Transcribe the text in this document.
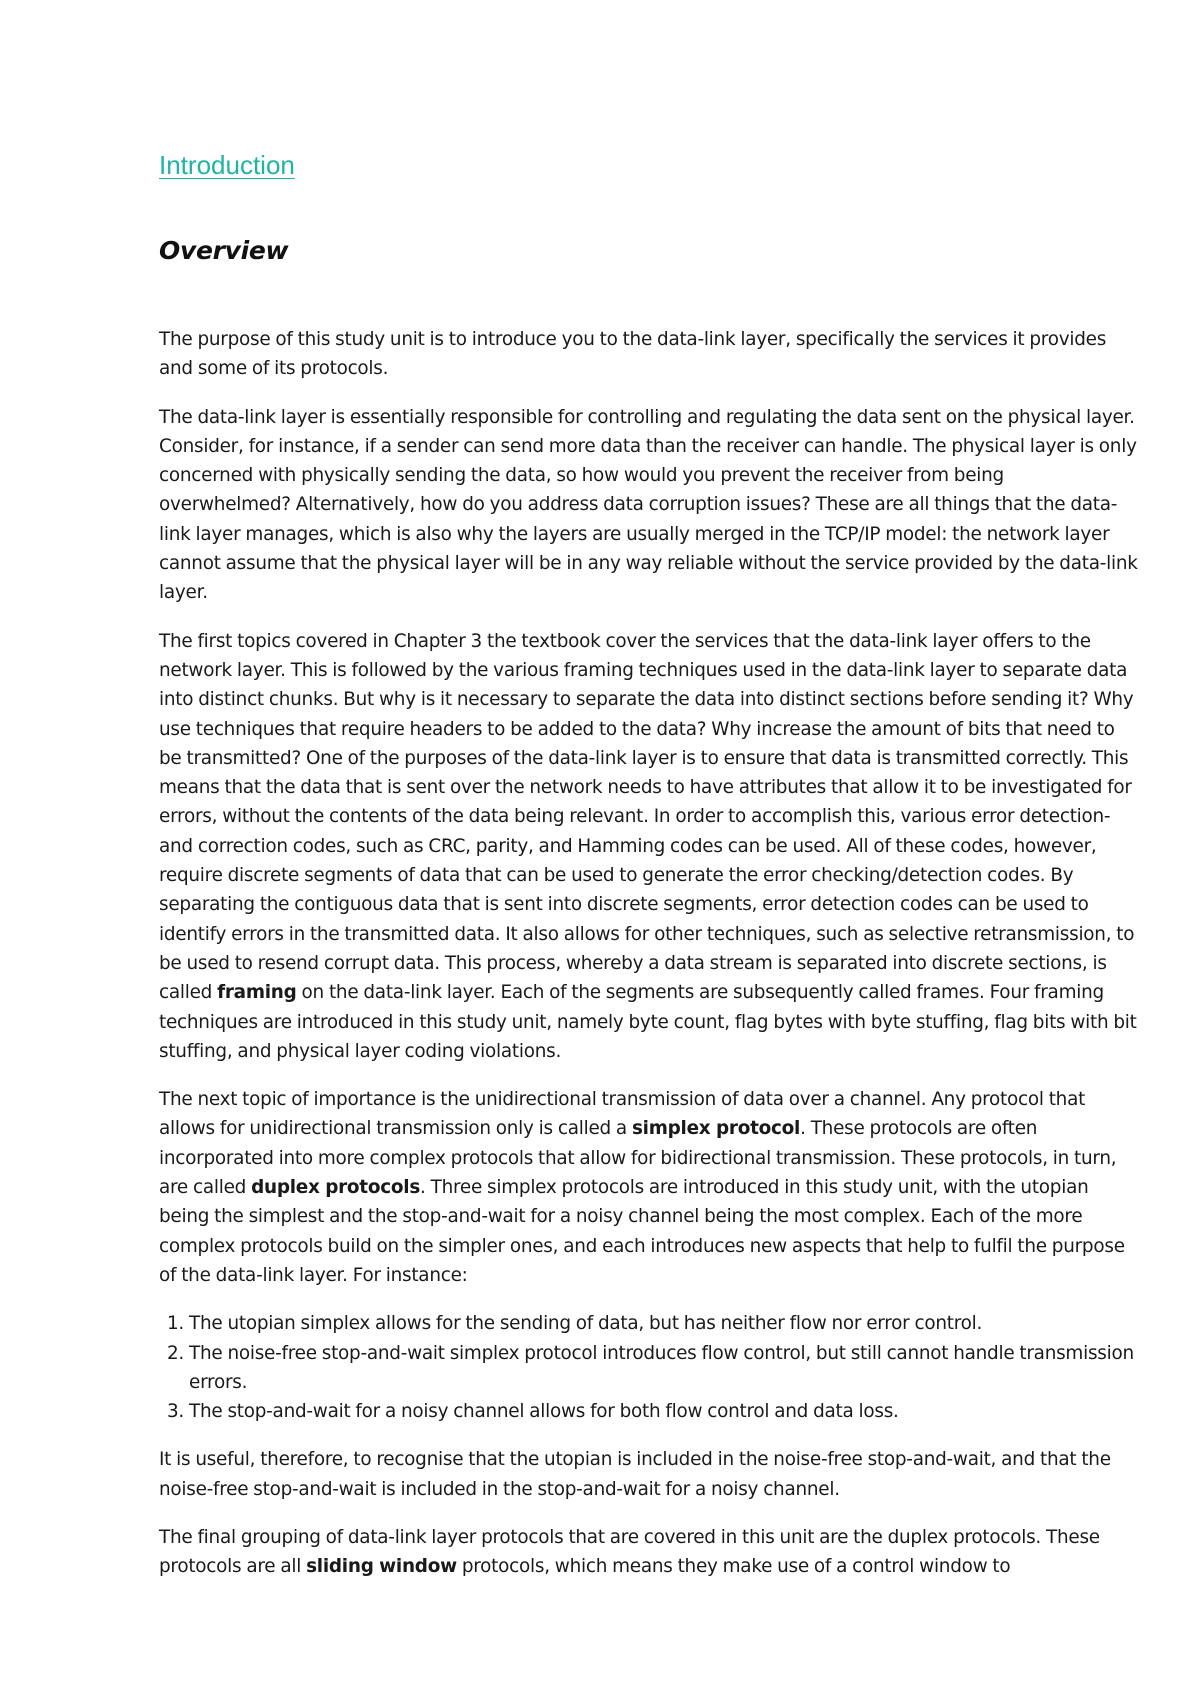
Introduction
Overview

The purpose of this study unit is to introduce you to the data-link layer, specifically the services it provides and some of its protocols.

The data-link layer is essentially responsible for controlling and regulating the data sent on the physical layer. Consider, for instance, if a sender can send more data than the receiver can handle. The physical layer is only concerned with physically sending the data, so how would you prevent the receiver from being overwhelmed? Alternatively, how do you address data corruption issues? These are all things that the data-link layer manages, which is also why the layers are usually merged in the TCP/IP model: the network layer cannot assume that the physical layer will be in any way reliable without the service provided by the data-link layer.

The first topics covered in Chapter 3 the textbook cover the services that the data-link layer offers to the network layer. This is followed by the various framing techniques used in the data-link layer to separate data into distinct chunks. But why is it necessary to separate the data into distinct sections before sending it? Why use techniques that require headers to be added to the data? Why increase the amount of bits that need to be transmitted? One of the purposes of the data-link layer is to ensure that data is transmitted correctly. This means that the data that is sent over the network needs to have attributes that allow it to be investigated for errors, without the contents of the data being relevant. In order to accomplish this, various error detection- and correction codes, such as CRC, parity, and Hamming codes can be used. All of these codes, however, require discrete segments of data that can be used to generate the error checking/detection codes. By separating the contiguous data that is sent into discrete segments, error detection codes can be used to identify errors in the transmitted data. It also allows for other techniques, such as selective retransmission, to be used to resend corrupt data. This process, whereby a data stream is separated into discrete sections, is called framing on the data-link layer. Each of the segments are subsequently called frames. Four framing techniques are introduced in this study unit, namely byte count, flag bytes with byte stuffing, flag bits with bit stuffing, and physical layer coding violations.

The next topic of importance is the unidirectional transmission of data over a channel. Any protocol that allows for unidirectional transmission only is called a simplex protocol. These protocols are often incorporated into more complex protocols that allow for bidirectional transmission. These protocols, in turn, are called duplex protocols. Three simplex protocols are introduced in this study unit, with the utopian being the simplest and the stop-and-wait for a noisy channel being the most complex. Each of the more complex protocols build on the simpler ones, and each introduces new aspects that help to fulfil the purpose of the data-link layer. For instance:

1. The utopian simplex allows for the sending of data, but has neither flow nor error control.
2. The noise-free stop-and-wait simplex protocol introduces flow control, but still cannot handle transmission errors.
3. The stop-and-wait for a noisy channel allows for both flow control and data loss.

It is useful, therefore, to recognise that the utopian is included in the noise-free stop-and-wait, and that the noise-free stop-and-wait is included in the stop-and-wait for a noisy channel.

The final grouping of data-link layer protocols that are covered in this unit are the duplex protocols. These protocols are all sliding window protocols, which means they make use of a control window to
